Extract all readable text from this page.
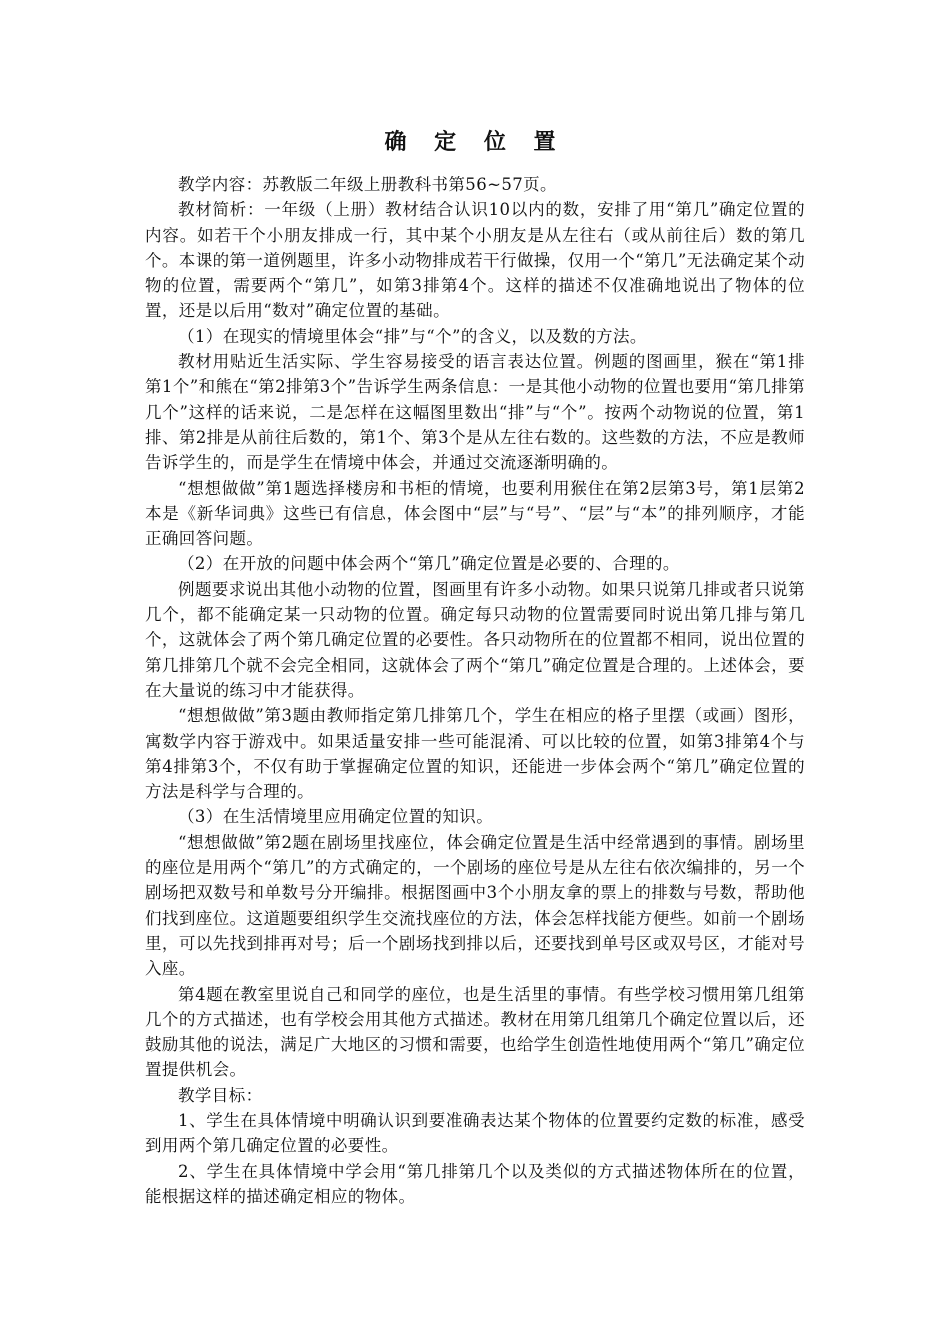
确 定 位 置

教学内容：苏教版二年级上册教科书第56~57页。

教材简析：一年级（上册）教材结合认识10以内的数，安排了用“第几”确定位置的内容。如若干个小朋友排成一行，其中某个小朋友是从左往右（或从前往后）数的第几个。本课的第一道例题里，许多小动物排成若干行做操，仅用一个“第几”无法确定某个动物的位置，需要两个“第几”，如第3排第4个。这样的描述不仅准确地说出了物体的位置，还是以后用“数对”确定位置的基础。

（1）在现实的情境里体会“排”与“个”的含义，以及数的方法。

教材用贴近生活实际、学生容易接受的语言表达位置。例题的图画里，猴在“第1排第1个”和熊在“第2排第3个”告诉学生两条信息：一是其他小动物的位置也要用“第几排第几个”这样的话来说，二是怎样在这幅图里数出“排”与“个”。按两个动物说的位置，第1排、第2排是从前往后数的，第1个、第3个是从左往右数的。这些数的方法，不应是教师告诉学生的，而是学生在情境中体会，并通过交流逐渐明确的。

“想想做做”第1题选择楼房和书柜的情境，也要利用猴住在第2层第3号，第1层第2本是《新华词典》这些已有信息，体会图中“层”与“号”、“层”与“本”的排列顺序，才能正确回答问题。

（2）在开放的问题中体会两个“第几”确定位置是必要的、合理的。

例题要求说出其他小动物的位置，图画里有许多小动物。如果只说第几排或者只说第几个，都不能确定某一只动物的位置。确定每只动物的位置需要同时说出第几排与第几个，这就体会了两个第几确定位置的必要性。各只动物所在的位置都不相同，说出位置的第几排第几个就不会完全相同，这就体会了两个“第几”确定位置是合理的。上述体会，要在大量说的练习中才能获得。

“想想做做”第3题由教师指定第几排第几个，学生在相应的格子里摆（或画）图形，寓数学内容于游戏中。如果适量安排一些可能混淆、可以比较的位置，如第3排第4个与第4排第3个，不仅有助于掌握确定位置的知识，还能进一步体会两个“第几”确定位置的方法是科学与合理的。

（3）在生活情境里应用确定位置的知识。

“想想做做”第2题在剧场里找座位，体会确定位置是生活中经常遇到的事情。剧场里的座位是用两个“第几”的方式确定的，一个剧场的座位号是从左往右依次编排的，另一个剧场把双数号和单数号分开编排。根据图画中3个小朋友拿的票上的排数与号数，帮助他们找到座位。这道题要组织学生交流找座位的方法，体会怎样找能方便些。如前一个剧场里，可以先找到排再对号；后一个剧场找到排以后，还要找到单号区或双号区，才能对号入座。

第4题在教室里说自己和同学的座位，也是生活里的事情。有些学校习惯用第几组第几个的方式描述，也有学校会用其他方式描述。教材在用第几组第几个确定位置以后，还鼓励其他的说法，满足广大地区的习惯和需要，也给学生创造性地使用两个“第几”确定位置提供机会。

教学目标：

1、学生在具体情境中明确认识到要准确表达某个物体的位置要约定数的标准，感受到用两个第几确定位置的必要性。

2、学生在具体情境中学会用“第几排第几个以及类似的方式描述物体所在的位置，能根据这样的描述确定相应的物体。
